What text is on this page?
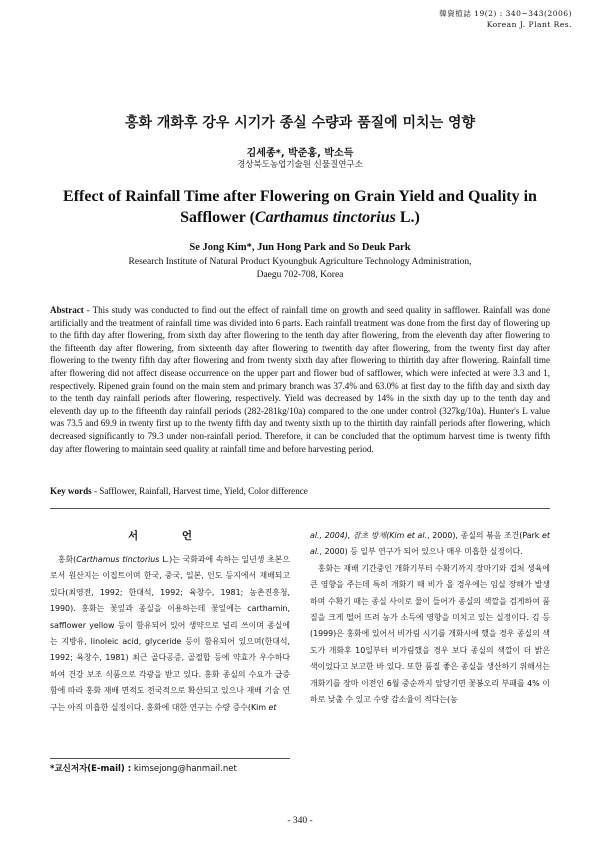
韓資植誌 19(2) : 340~343(2006)
Korean J. Plant Res.
홍화 개화후 강우 시기가 종실 수량과 품질에 미치는 영향
김세종*, 박준홍, 박소득
경상북도농업기술원 신물질연구소
Effect of Rainfall Time after Flowering on Grain Yield and Quality in Safflower (Carthamus tinctorius L.)
Se Jong Kim*, Jun Hong Park and So Deuk Park
Research Institute of Natural Product Kyoungbuk Agriculture Technology Administration,
Daegu 702-708, Korea
Abstract - This study was conducted to find out the effect of rainfall time on growth and seed quality in safflower. Rainfall was done artificially and the treatment of rainfall time was divided into 6 parts. Each rainfall treatment was done from the first day of flowering up to the fifth day after flowering, from sixth day after flowering to the tenth day after flowering, from the eleventh day after flowering to the fifteenth day after flowering, from sixteenth day after flowering to twentith day after flowering, from the twenty first day after flowering to the twenty fifth day after flowering and from twenty sixth day after flowering to thirtith day after flowering. Rainfall time after flowering did not affect disease occurrence on the upper part and flower bud of safflower, which were infected at were 3.3 and 1, respectively. Ripened grain found on the main stem and primary branch was 37.4% and 63.0% at first day to the fifth day and sixth day to the tenth day rainfall periods after flowering, respectively. Yield was decreased by 14% in the sixth day up to the tenth day and eleventh day up to the fifteenth day rainfall periods (282-281kg/10a) compared to the one under control (327kg/10a). Hunter's L value was 73.5 and 69.9 in twenty first up to the twenty fifth day and twenty sixth up to the thirtith day rainfall periods after flowering, which decreased significantly to 79.3 under non-rainfall period. Therefore, it can be concluded that the optimum harvest time is twenty fifth day after flowering to maintain seed quality at rainfall time and before harvesting period.
Key words - Safflower, Rainfall, Harvest time, Yield, Color difference
서 언

홍화(Carthamus tinctorius L.)는 국화과에 속하는 일년생 초본으로서 원산지는 이집트이며 한국, 중국, 일본, 인도 등지에서 재배되고 있다(최영전, 1992; 한대석, 1992; 육창수, 1981; 농촌진흥청, 1990). 홍화는 꽃잎과 종실을 이용하는데 꽃잎에는 carthamin, safflower yellow 등이 함유되어 있어 생약으로 널리 쓰이며 종실에는 지방유, linoleic acid, glyceride 등이 함유되어 있으며(한대석, 1992; 육창수, 1981) 최근 골다공증, 골절합 등에 약효가 우수하다 하여 건강 보조 식품으로 각광을 받고 있다. 홍화 종실의 수요가 급증함에 따라 홍화 재배 면적도 전국적으로 확산되고 있으나 재배 기술 연구는 아직 미흡한 실정이다. 홍화에 대한 연구는 수량 증수(Kim et

al., 2004), 잡초 방제(Kim et al., 2000), 종실의 볶음 조건(Park et al., 2000) 등 일부 연구가 되어 있으나 매우 미흡한 실정이다.

홍화는 재배 기간중인 개화기부터 수확기까지 장마기와 겹쳐 생육에 큰 영향을 주는데 특히 개화기 때 비가 올 경우에는 임실 장해가 발생하며 수확기 때는 종실 사이로 물이 들어가 종실의 색깔을 검게하여 품질을 크게 떨어 뜨려 농가 소득에 영향을 미치고 있는 실정이다. 김 등(1999)은 홍화에 있어서 비가림 시기를 개화시에 했을 경우 종실의 색도가 개화후 10일부터 비가림했을 경우 보다 종실의 색깔이 더 밝은 색이었다고 보고한 바 있다. 또한 품질 좋은 종실을 생산하기 위해서는 개화기를 장마 이전인 6월 중순까지 앞당기면 꽃봉오리 부패를 4% 이하로 낮출 수 있고 수량 감소율이 적다는(농

*교신저자(E-mail) : kimsejong@hanmail.net
- 340 -
